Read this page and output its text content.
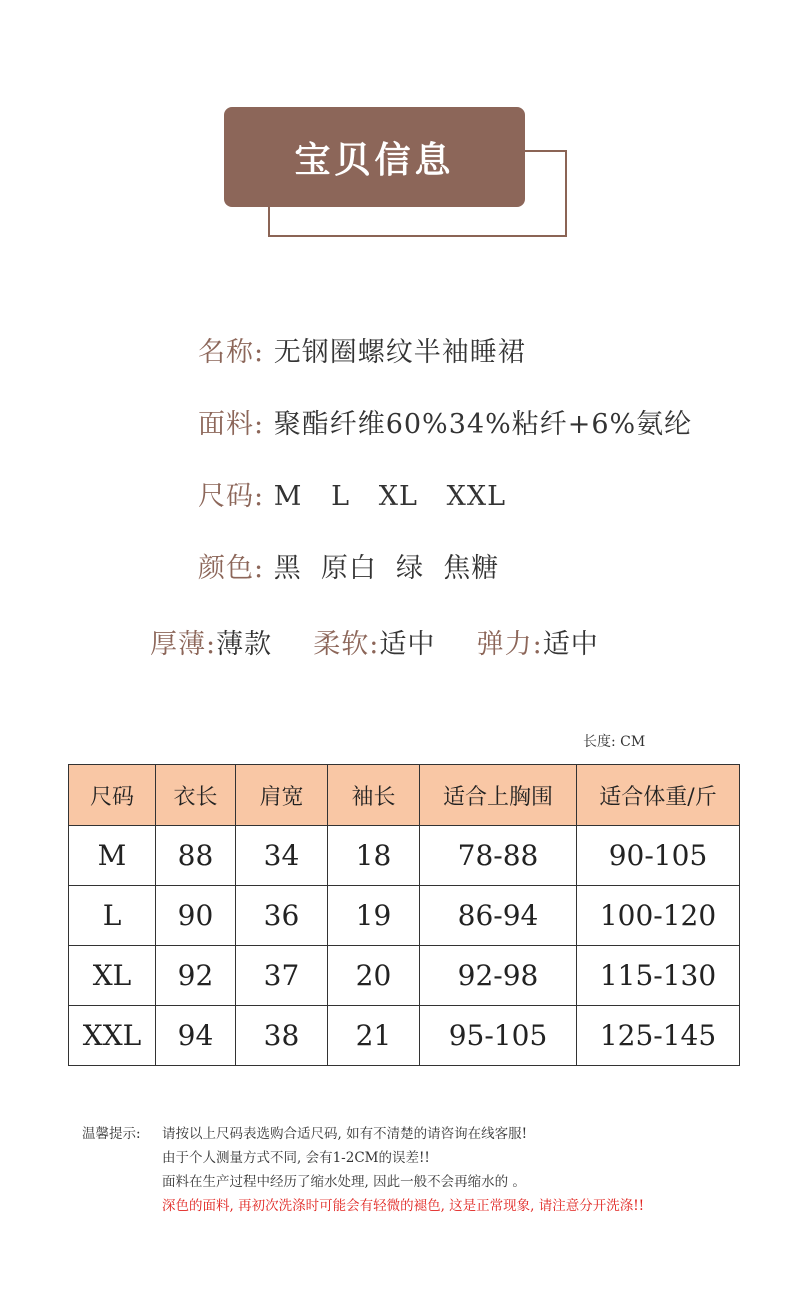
宝贝信息
名称: 无钢圈螺纹半袖睡裙
面料: 聚酯纤维60%34%粘纤+6%氨纶
尺码: M   L   XL   XXL
颜色: 黑  原白  绿  焦糖
厚薄:薄款 柔软:适中 弹力:适中
长度: CM
尺码	衣长	肩宽	袖长	适合上胸围	适合体重/斤
M	88	34	18	78-88	90-105
L	90	36	19	86-94	100-120
XL	92	37	20	92-98	115-130
XXL	94	38	21	95-105	125-145
温馨提示: 请按以上尺码表选购合适尺码, 如有不清楚的请咨询在线客服!
由于个人测量方式不同, 会有1-2CM的误差!!
面料在生产过程中经历了缩水处理, 因此一般不会再缩水的 。
深色的面料, 再初次洗涤时可能会有轻微的褪色, 这是正常现象, 请注意分开洗涤!!
